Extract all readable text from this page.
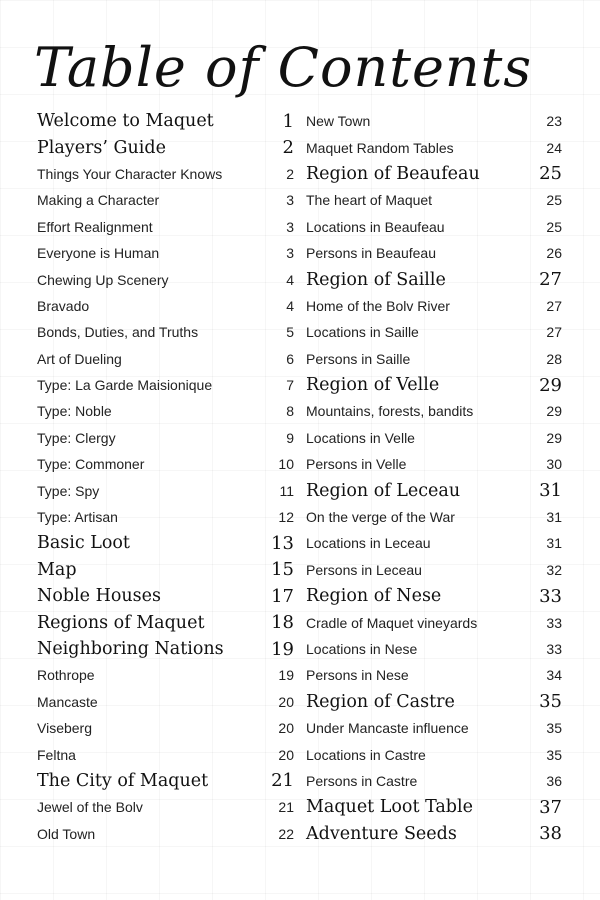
Table of Contents
Welcome to Maquet	1
Players’ Guide	2
Things Your Character Knows	2
Making a Character	3
Effort Realignment	3
Everyone is Human	3
Chewing Up Scenery	4
Bravado	4
Bonds, Duties, and Truths	5
Art of Dueling	6
Type: La Garde Maisionique	7
Type: Noble	8
Type: Clergy	9
Type: Commoner	10
Type: Spy	11
Type: Artisan	12
Basic Loot	13
Map	15
Noble Houses	17
Regions of Maquet	18
Neighboring Nations	19
Rothrope	19
Mancaste	20
Viseberg	20
Feltna	20
The City of Maquet	21
Jewel of the Bolv	21
Old Town	22
New Town	23
Maquet Random Tables	24
Region of Beaufeau	25
The heart of Maquet	25
Locations in Beaufeau	25
Persons in Beaufeau	26
Region of Saille	27
Home of the Bolv River	27
Locations in Saille	27
Persons in Saille	28
Region of Velle	29
Mountains, forests, bandits	29
Locations in Velle	29
Persons in Velle	30
Region of Leceau	31
On the verge of the War	31
Locations in Leceau	31
Persons in Leceau	32
Region of Nese	33
Cradle of Maquet vineyards	33
Locations in Nese	33
Persons in Nese	34
Region of Castre	35
Under Mancaste influence	35
Locations in Castre	35
Persons in Castre	36
Maquet Loot Table	37
Adventure Seeds	38
